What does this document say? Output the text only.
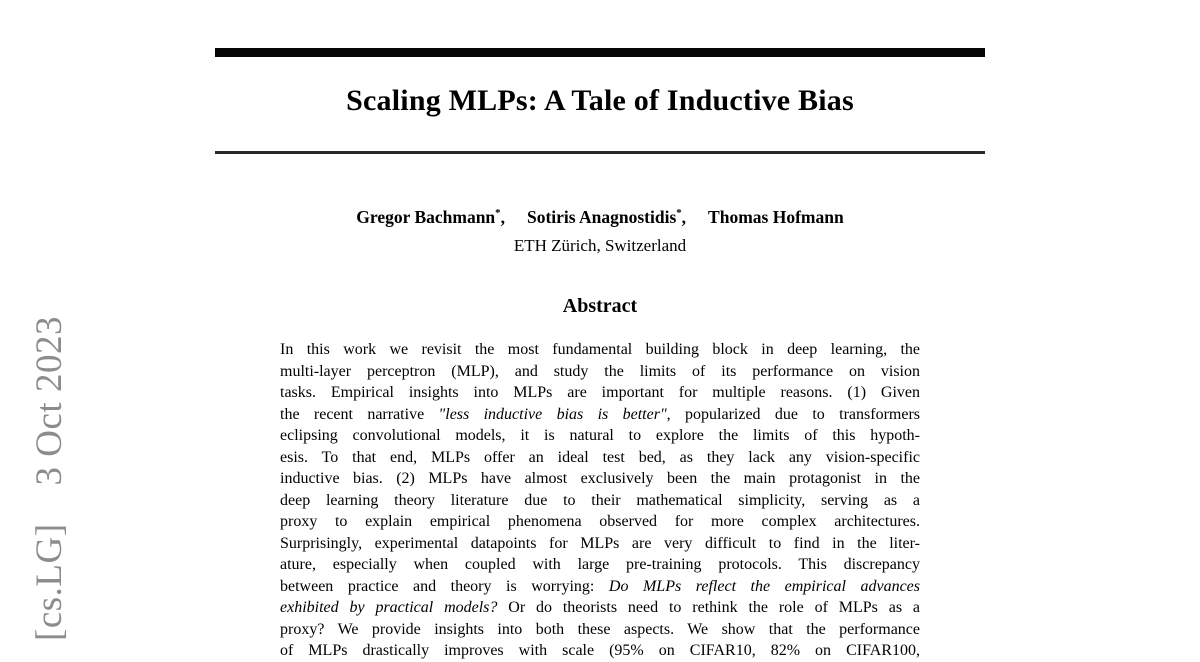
[cs.LG]  3 Oct 2023
Scaling MLPs: A Tale of Inductive Bias
Gregor Bachmann*, Sotiris Anagnostidis*, Thomas Hofmann
ETH Zürich, Switzerland
Abstract
In this work we revisit the most fundamental building block in deep learning, the
multi-layer perceptron (MLP), and study the limits of its performance on vision
tasks. Empirical insights into MLPs are important for multiple reasons. (1) Given
the recent narrative "less inductive bias is better", popularized due to transformers
eclipsing convolutional models, it is natural to explore the limits of this hypoth-
esis. To that end, MLPs offer an ideal test bed, as they lack any vision-specific
inductive bias. (2) MLPs have almost exclusively been the main protagonist in the
deep learning theory literature due to their mathematical simplicity, serving as a
proxy to explain empirical phenomena observed for more complex architectures.
Surprisingly, experimental datapoints for MLPs are very difficult to find in the liter-
ature, especially when coupled with large pre-training protocols. This discrepancy
between practice and theory is worrying: Do MLPs reflect the empirical advances
exhibited by practical models? Or do theorists need to rethink the role of MLPs as a
proxy? We provide insights into both these aspects. We show that the performance
of MLPs drastically improves with scale (95% on CIFAR10, 82% on CIFAR100,
